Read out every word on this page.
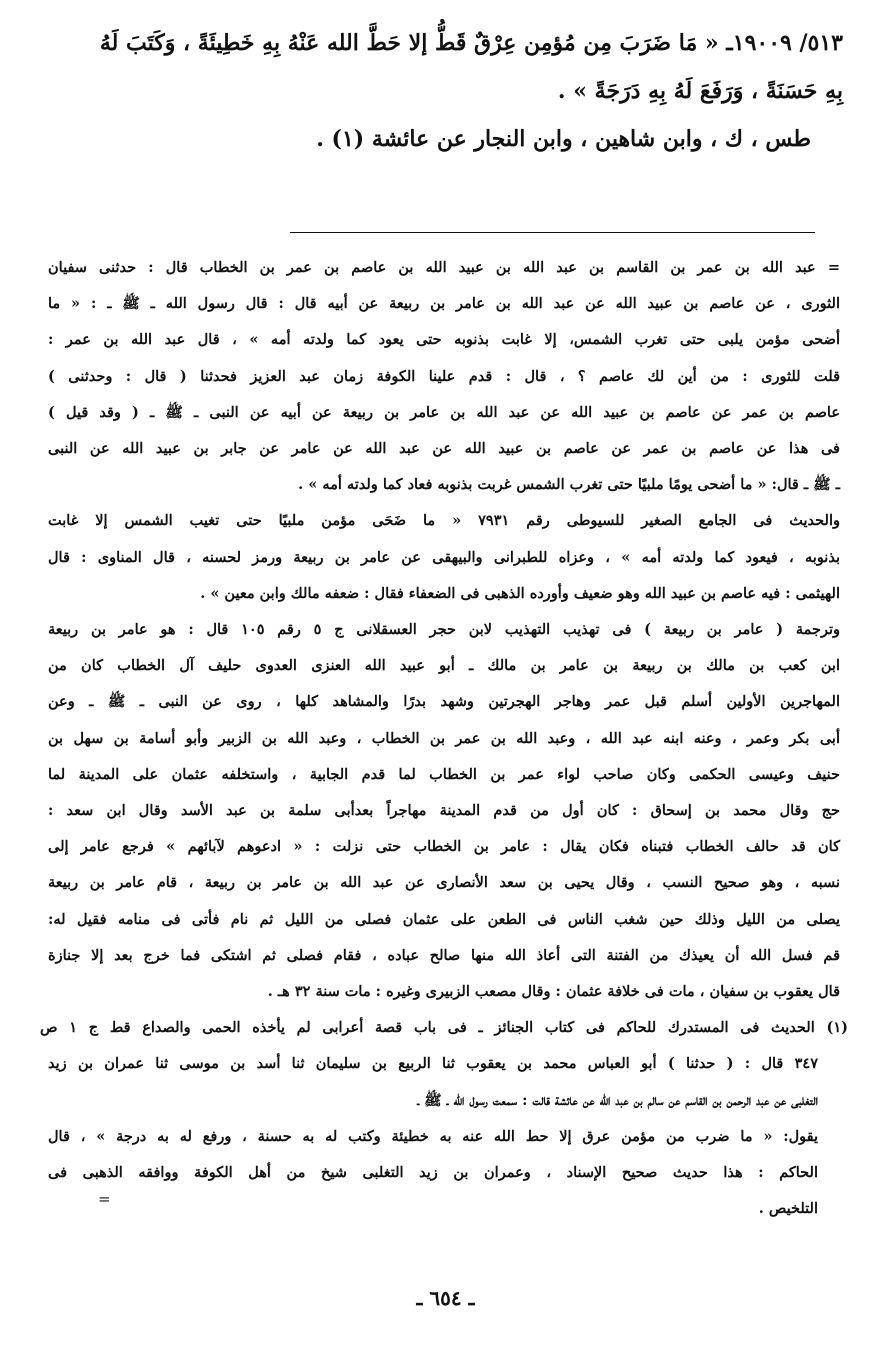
٥١٣/ ١٩٠٠٩ـ « مَا ضَرَبَ مِن مُؤمِن عِرْقٌ قَطُّ إلا حَطَّ الله عَنْهُ بِهِ خَطِيئَةً ، وَكَتَبَ لَهُ
بِهِ حَسَنَةً ، وَرَفَعَ لَهُ بِهِ دَرَجَةً » .
طس ، ك ، وابن شاهين ، وابن النجار عن عائشة (١) .
= عبد الله بن عمر بن القاسم بن عبد الله بن عبيد الله بن عاصم بن عمر بن الخطاب قال : حدثنى سفيان
الثورى ، عن عاصم بن عبيد الله عن عبد الله بن عامر بن ربيعة عن أبيه قال : قال رسول الله ـ ﷺ ـ : « ما
أضحى مؤمن يلبى حتى تغرب الشمس، إلا غابت بذنوبه حتى يعود كما ولدته أمه » ، قال عبد الله بن عمر :
قلت للثورى : من أين لك عاصم ؟ ، قال : قدم علينا الكوفة زمان عبد العزيز فحدثنا ( قال : وحدثنى )
عاصم بن عمر عن عاصم بن عبيد الله عن عبد الله بن عامر بن ربيعة عن أبيه عن النبى ـ ﷺ ـ ( وقد قيل )
فى هذا عن عاصم بن عمر عن عاصم بن عبيد الله عن عبد الله عن عامر عن جابر بن عبيد الله عن النبى
ـ ﷺ ـ قال: « ما أضحى يومًا ملبيًا حتى تغرب الشمس غربت بذنوبه فعاد كما ولدته أمه » .
والحديث فى الجامع الصغير للسيوطى رقم ٧٩٣١ « ما ضَحَى مؤمن ملبيًا حتى تغيب الشمس إلا غابت
بذنوبه ، فيعود كما ولدته أمه » ، وعزاه للطبرانى والبيهقى عن عامر بن ربيعة ورمز لحسنه ، قال المناوى : قال
الهيثمى : فيه عاصم بن عبيد الله وهو ضعيف وأورده الذهبى فى الضعفاء فقال : ضعفه مالك وابن معين » .
وترجمة ( عامر بن ربيعة ) فى تهذيب التهذيب لابن حجر العسقلانى ج ٥ رقم ١٠٥ قال : هو عامر بن ربيعة
ابن كعب بن مالك بن ربيعة بن عامر بن مالك ـ أبو عبيد الله العنزى العدوى حليف آل الخطاب كان من
المهاجرين الأولين أسلم قبل عمر وهاجر الهجرتين وشهد بدرًا والمشاهد كلها ، روى عن النبى ـ ﷺ ـ وعن
أبى بكر وعمر ، وعنه ابنه عبد الله ، وعبد الله بن عمر بن الخطاب ، وعبد الله بن الزبير وأبو أسامة بن سهل بن
حنيف وعيسى الحكمى وكان صاحب لواء عمر بن الخطاب لما قدم الجابية ، واستخلفه عثمان على المدينة لما
حج وقال محمد بن إسحاق : كان أول من قدم المدينة مهاجراً بعدأبى سلمة بن عبد الأسد وقال ابن سعد :
كان قد حالف الخطاب فتبناه فكان يقال : عامر بن الخطاب حتى نزلت : « ادعوهم لآبائهم » فرجع عامر إلى
نسبه ، وهو صحيح النسب ، وقال يحيى بن سعد الأنصارى عن عبد الله بن عامر بن ربيعة ، قام عامر بن ربيعة
يصلى من الليل وذلك حين شغب الناس فى الطعن على عثمان فصلى من الليل ثم نام فأتى فى منامه فقيل له:
قم فسل الله أن يعيذك من الفتنة التى أعاذ الله منها صالح عباده ، فقام فصلى ثم اشتكى فما خرج بعد إلا جنازة
قال يعقوب بن سفيان ، مات فى خلافة عثمان : وقال مصعب الزبيرى وغيره : مات سنة ٣٢ هـ .
(١) الحديث فى المستدرك للحاكم فى كتاب الجنائز ـ فى باب قصة أعرابى لم يأخذه الحمى والصداع قط ج ١ ص
٣٤٧ قال : ( حدثنا ) أبو العباس محمد بن يعقوب ثنا الربيع بن سليمان ثنا أسد بن موسى ثنا عمران بن زيد
التغلبى عن عبد الرحمن بن القاسم عن سالم بن عبد الله عن عائشة قالت : سمعت رسول الله ـ ﷺ ـ
يقول: « ما ضرب من مؤمن عرق إلا حط الله عنه به خطيئة وكتب له به حسنة ، ورفع له به درجة » ، قال
الحاكم : هذا حديث صحيح الإسناد ، وعمران بن زيد التغلبى شيخ من أهل الكوفة ووافقه الذهبى فى
التلخيص .
=
ـ ٦٥٤ ـ
